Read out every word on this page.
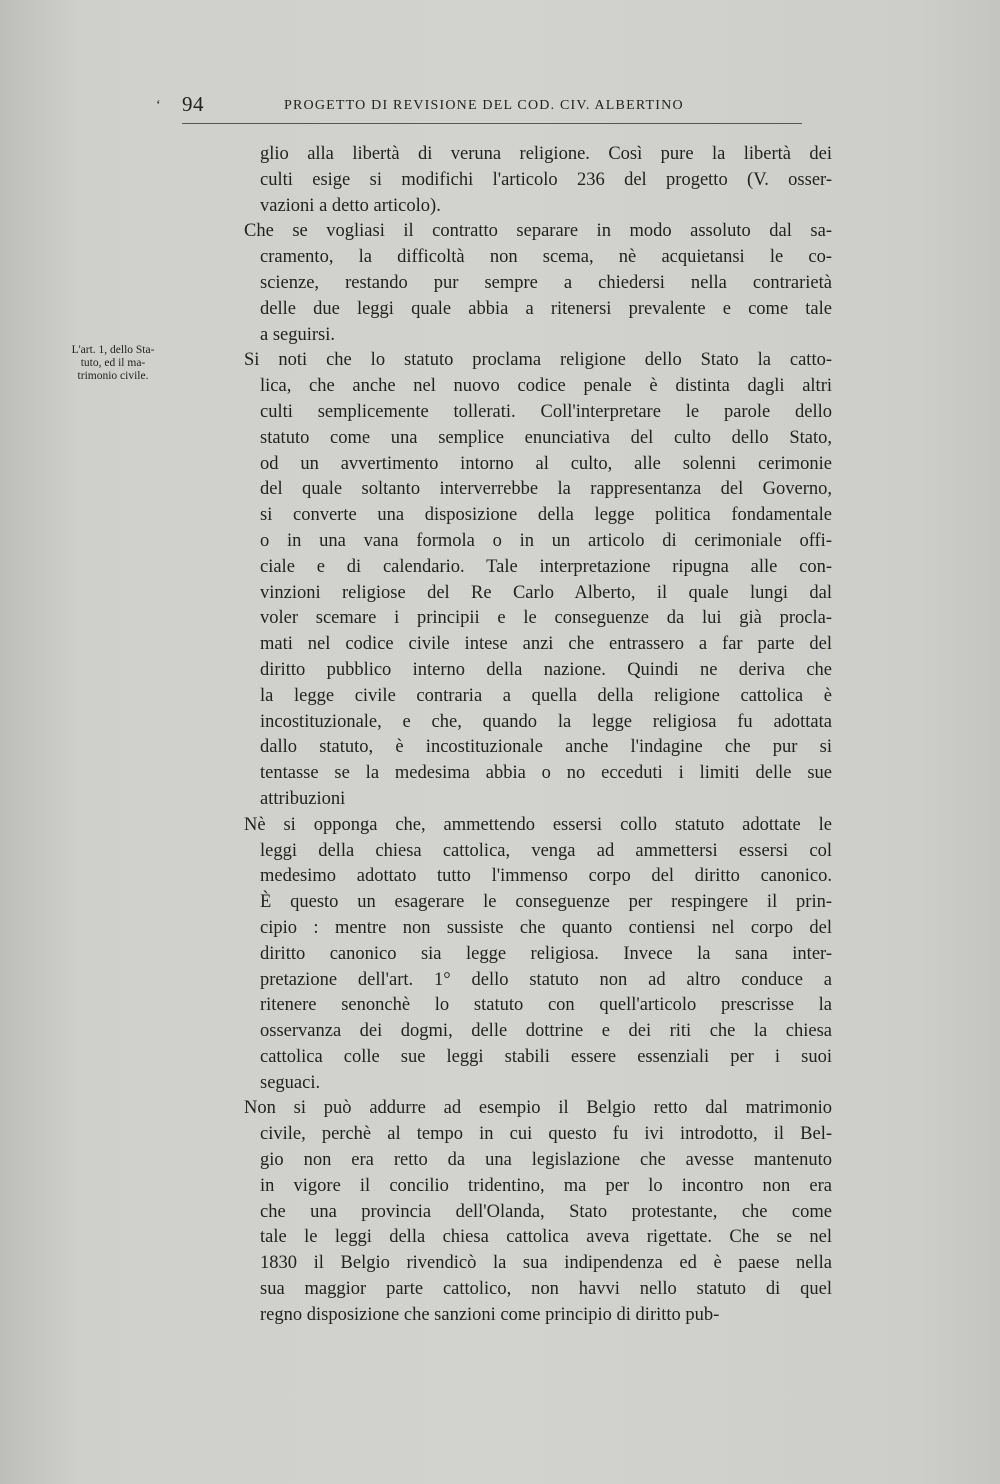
ʻ 94	PROGETTO DI REVISIONE DEL COD. CIV. ALBERTINO
L'art. 1, dello Sta-
tuto, ed il ma-
trimonio civile.
glio alla libertà di veruna religione. Così pure la libertà dei
culti esige si modifichi l'articolo 236 del progetto (V. osser-
vazioni a detto articolo).
Che se vogliasi il contratto separare in modo assoluto dal sa-
cramento, la difficoltà non scema, nè acquietansi le co-
scienze, restando pur sempre a chiedersi nella contrarietà
delle due leggi quale abbia a ritenersi prevalente e come tale
a seguirsi.
Si noti che lo statuto proclama religione dello Stato la catto-
lica, che anche nel nuovo codice penale è distinta dagli altri
culti semplicemente tollerati. Coll'interpretare le parole dello
statuto come una semplice enunciativa del culto dello Stato,
od un avvertimento intorno al culto, alle solenni cerimonie
del quale soltanto interverrebbe la rappresentanza del Governo,
si converte una disposizione della legge politica fondamentale
o in una vana formola o in un articolo di cerimoniale offi-
ciale e di calendario. Tale interpretazione ripugna alle con-
vinzioni religiose del Re Carlo Alberto, il quale lungi dal
voler scemare i principii e le conseguenze da lui già procla-
mati nel codice civile intese anzi che entrassero a far parte del
diritto pubblico interno della nazione. Quindi ne deriva che
la legge civile contraria a quella della religione cattolica è
incostituzionale, e che, quando la legge religiosa fu adottata
dallo statuto, è incostituzionale anche l'indagine che pur si
tentasse se la medesima abbia o no ecceduti i limiti delle sue
attribuzioni
Nè si opponga che, ammettendo essersi collo statuto adottate le
leggi della chiesa cattolica, venga ad ammettersi essersi col
medesimo adottato tutto l'immenso corpo del diritto canonico.
È questo un esagerare le conseguenze per respingere il prin-
cipio : mentre non sussiste che quanto contiensi nel corpo del
diritto canonico sia legge religiosa. Invece la sana inter-
pretazione dell'art. 1° dello statuto non ad altro conduce a
ritenere senonchè lo statuto con quell'articolo prescrisse la
osservanza dei dogmi, delle dottrine e dei riti che la chiesa
cattolica colle sue leggi stabili essere essenziali per i suoi
seguaci.
Non si può addurre ad esempio il Belgio retto dal matrimonio
civile, perchè al tempo in cui questo fu ivi introdotto, il Bel-
gio non era retto da una legislazione che avesse mantenuto
in vigore il concilio tridentino, ma per lo incontro non era
che una provincia dell'Olanda, Stato protestante, che come
tale le leggi della chiesa cattolica aveva rigettate. Che se nel
1830 il Belgio rivendicò la sua indipendenza ed è paese nella
sua maggior parte cattolico, non havvi nello statuto di quel
regno disposizione che sanzioni come principio di diritto pub-
